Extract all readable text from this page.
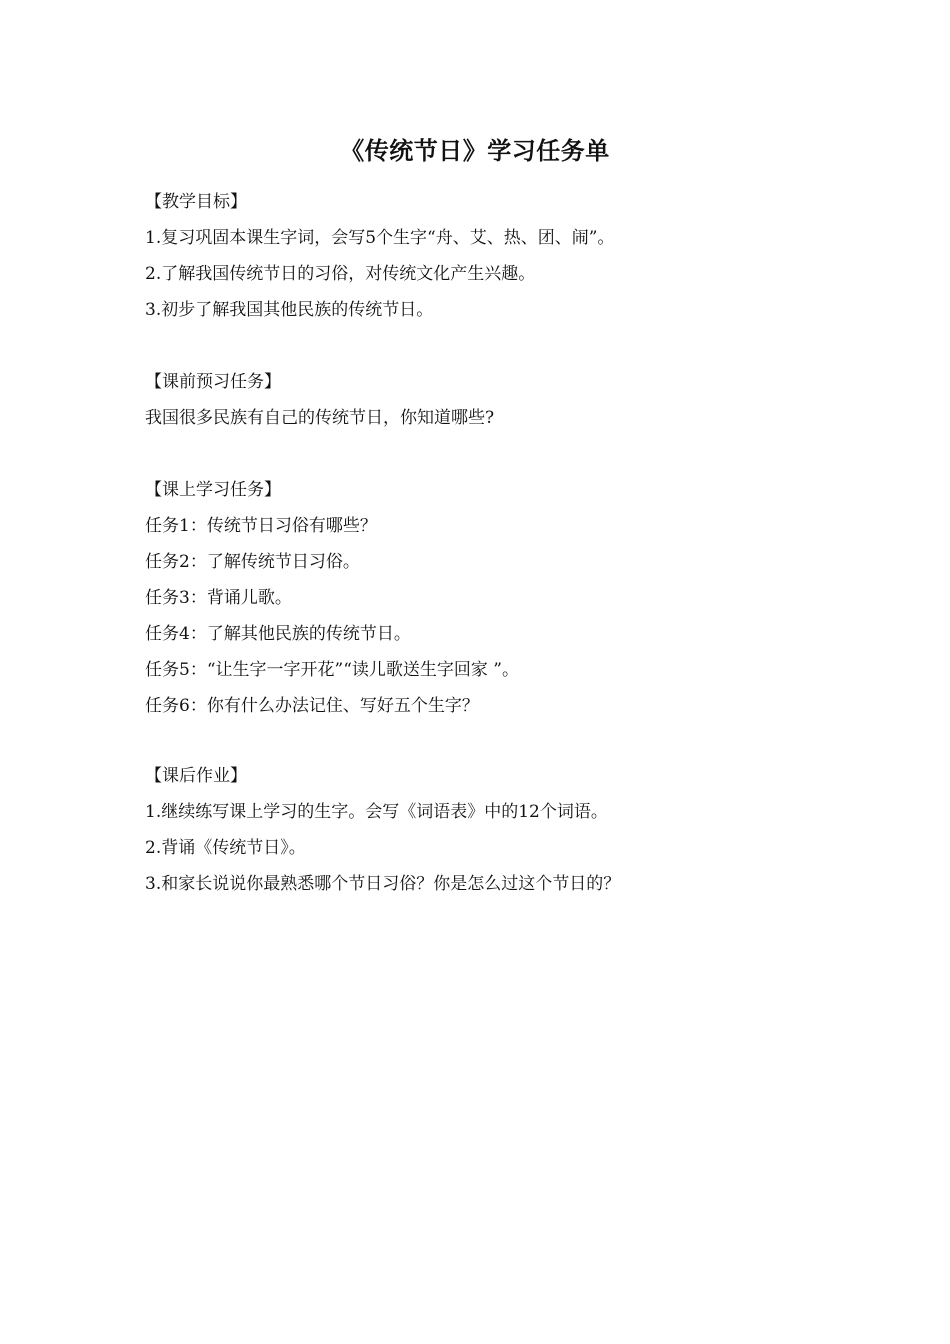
《传统节日》学习任务单
【教学目标】
1.复习巩固本课生字词，会写5个生字“舟、艾、热、团、闹”。
2.了解我国传统节日的习俗，对传统文化产生兴趣。
3.初步了解我国其他民族的传统节日。
【课前预习任务】
我国很多民族有自己的传统节日，你知道哪些?
【课上学习任务】
任务1：传统节日习俗有哪些？
任务2：了解传统节日习俗。
任务3：背诵儿歌。
任务4：了解其他民族的传统节日。
任务5：“让生字一字开花”“读儿歌送生字回家 ”。
任务6：你有什么办法记住、写好五个生字？
【课后作业】
1.继续练写课上学习的生字。会写《词语表》中的12个词语。
2.背诵《传统节日》。
3.和家长说说你最熟悉哪个节日习俗？你是怎么过这个节日的？
